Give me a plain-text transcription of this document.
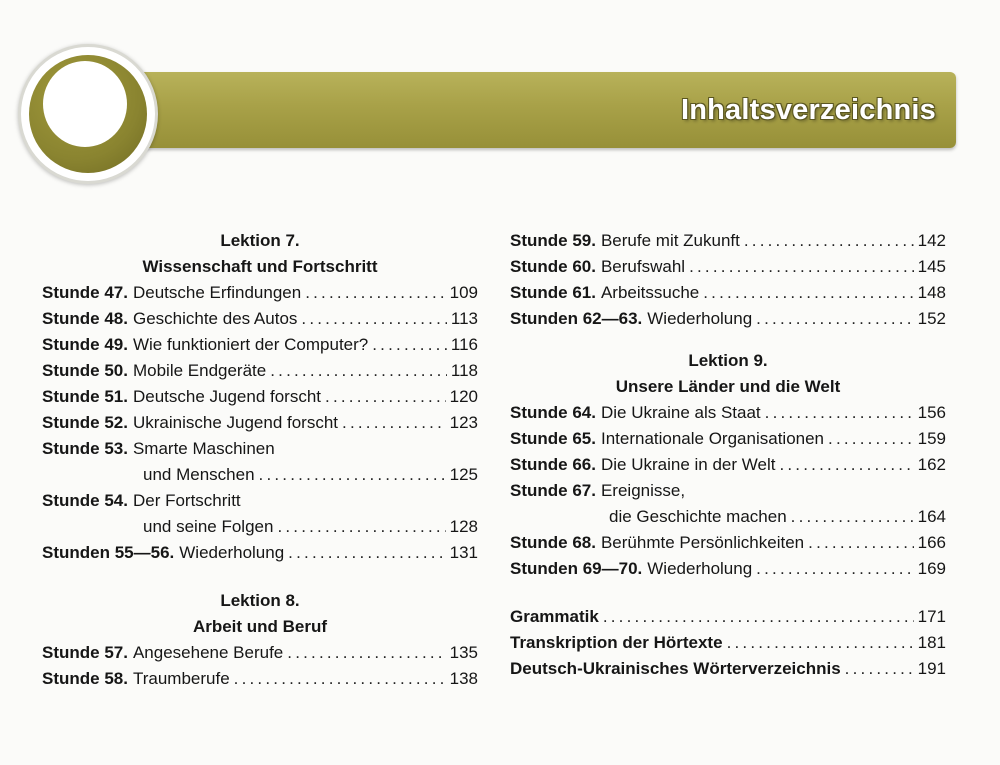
Inhaltsverzeichnis
Lektion 7.
Wissenschaft und Fortschritt
Stunde 47. Deutsche Erfindungen .....	109
Stunde 48. Geschichte des Autos .....	113
Stunde 49. Wie funktioniert der Computer? .....	116
Stunde 50. Mobile Endgeräte .....	118
Stunde 51. Deutsche Jugend forscht .....	120
Stunde 52. Ukrainische Jugend forscht .....	123
Stunde 53. Smarte Maschinen
und Menschen .....	125
Stunde 54. Der Fortschritt
und seine Folgen .....	128
Stunden 55—56. Wiederholung .....	131
Lektion 8.
Arbeit und Beruf
Stunde 57. Angesehene Berufe .....	135
Stunde 58. Traumberufe .....	138
Stunde 59. Berufe mit Zukunft .....	142
Stunde 60. Berufswahl .....	145
Stunde 61. Arbeitssuche .....	148
Stunden 62—63. Wiederholung .....	152
Lektion 9.
Unsere Länder und die Welt
Stunde 64. Die Ukraine als Staat .....	156
Stunde 65. Internationale Organisationen .....	159
Stunde 66. Die Ukraine in der Welt .....	162
Stunde 67. Ereignisse,
die Geschichte machen .....	164
Stunde 68. Berühmte Persönlichkeiten .....	166
Stunden 69—70. Wiederholung .....	169
Grammatik .....	171
Transkription der Hörtexte .....	181
Deutsch-Ukrainisches Wörterverzeichnis .....	191
